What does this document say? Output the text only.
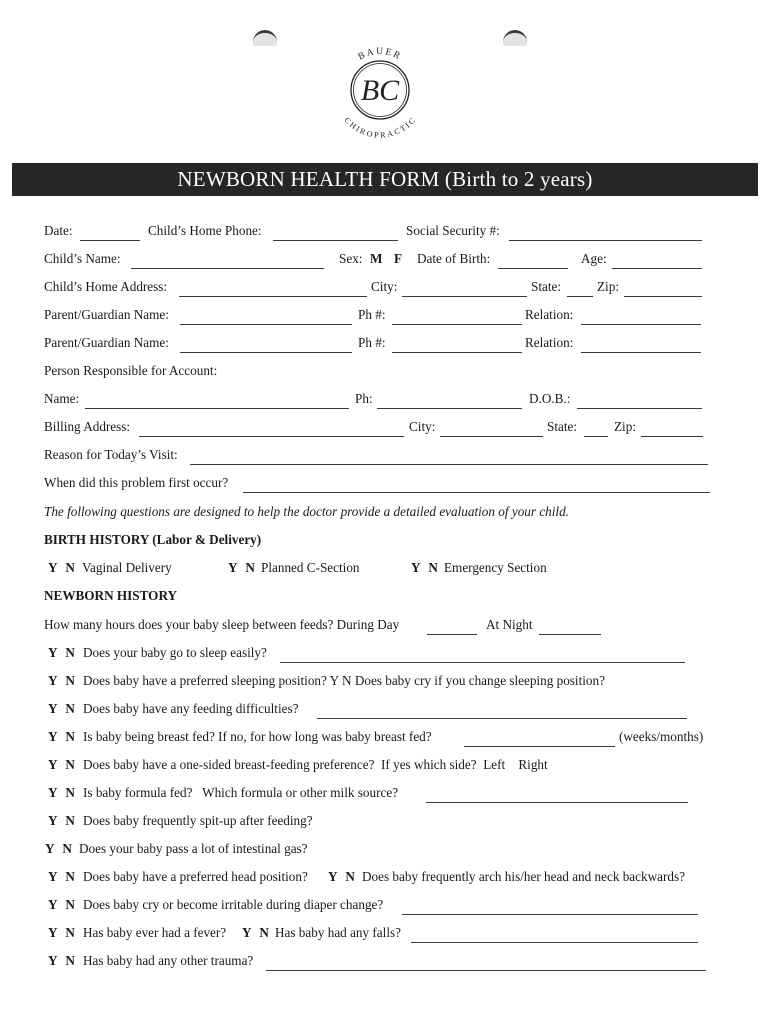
BAUER
CHIROPRACTIC
BC
NEWBORN HEALTH FORM (Birth to 2 years)
Date:	Child’s Home Phone:	Social Security #:
Child’s Name:	Sex: M F Date of Birth:	Age:
Child’s Home Address:	City:	State:	Zip:
Parent/Guardian Name:	Ph #:	Relation:
Parent/Guardian Name:	Ph #:	Relation:
Person Responsible for Account:
Name:	Ph:	D.O.B.:
Billing Address:	City:	State:	Zip:
Reason for Today’s Visit:
When did this problem first occur?
The following questions are designed to help the doctor provide a detailed evaluation of your child.
BIRTH HISTORY (Labor & Delivery)
Y N Vaginal Delivery	Y N Planned C-Section	Y N Emergency Section
NEWBORN HISTORY
How many hours does your baby sleep between feeds? During Day	At Night
Y N Does your baby go to sleep easily?
Y N Does baby have a preferred sleeping position? Y N Does baby cry if you change sleeping position?
Y N Does baby have any feeding difficulties?
Y N Is baby being breast fed? If no, for how long was baby breast fed?	(weeks/months)
Y N Does baby have a one-sided breast-feeding preference?  If yes which side?  Left    Right
Y N Is baby formula fed?   Which formula or other milk source?
Y N Does baby frequently spit-up after feeding?
Y N Does your baby pass a lot of intestinal gas?
Y N Does baby have a preferred head position? Y N Does baby frequently arch his/her head and neck backwards?
Y N Does baby cry or become irritable during diaper change?
Y N Has baby ever had a fever? Y N Has baby had any falls?
Y N Has baby had any other trauma?
